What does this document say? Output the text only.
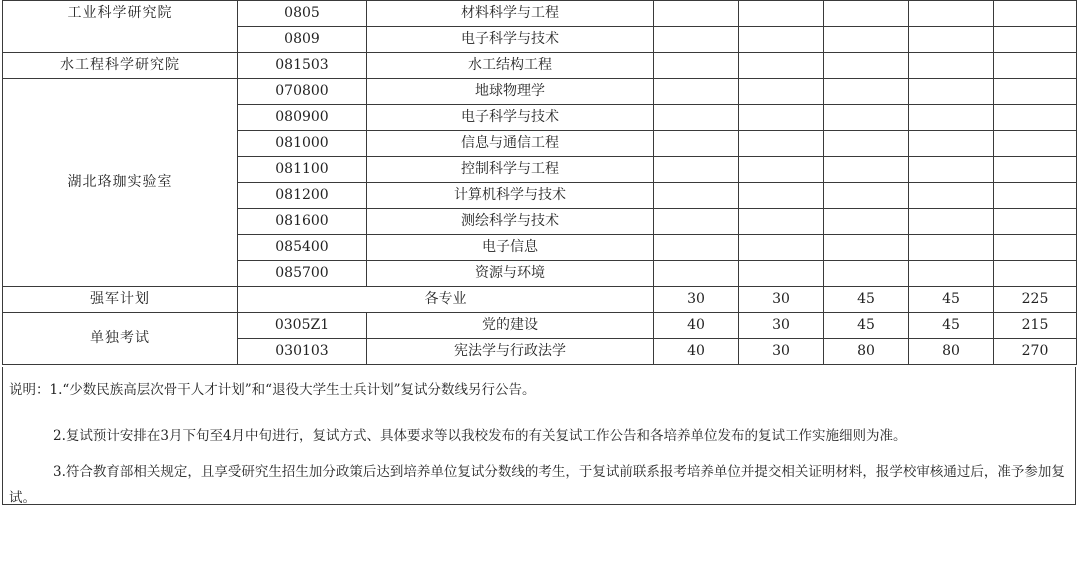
工业科学研究院	0805	材料科学与工程					
	0809	电子科学与技术					
水工程科学研究院	081503	水工结构工程					
湖北珞珈实验室	070800	地球物理学					
	080900	电子科学与技术					
	081000	信息与通信工程					
	081100	控制科学与工程					
	081200	计算机科学与技术					
	081600	测绘科学与技术					
	085400	电子信息					
	085700	资源与环境					
强军计划	各专业		30	30	45	45	225
单独考试	0305Z1	党的建设	40	30	45	45	215
	030103	宪法学与行政法学	40	30	80	80	270

说明：1.“少数民族高层次骨干人才计划”和“退役大学生士兵计划”复试分数线另行公告。

2.复试预计安排在3月下旬至4月中旬进行，复试方式、具体要求等以我校发布的有关复试工作公告和各培养单位发布的复试工作实施细则为准。

3.符合教育部相关规定，且享受研究生招生加分政策后达到培养单位复试分数线的考生，于复试前联系报考培养单位并提交相关证明材料，报学校审核通过后，准予参加复试。
